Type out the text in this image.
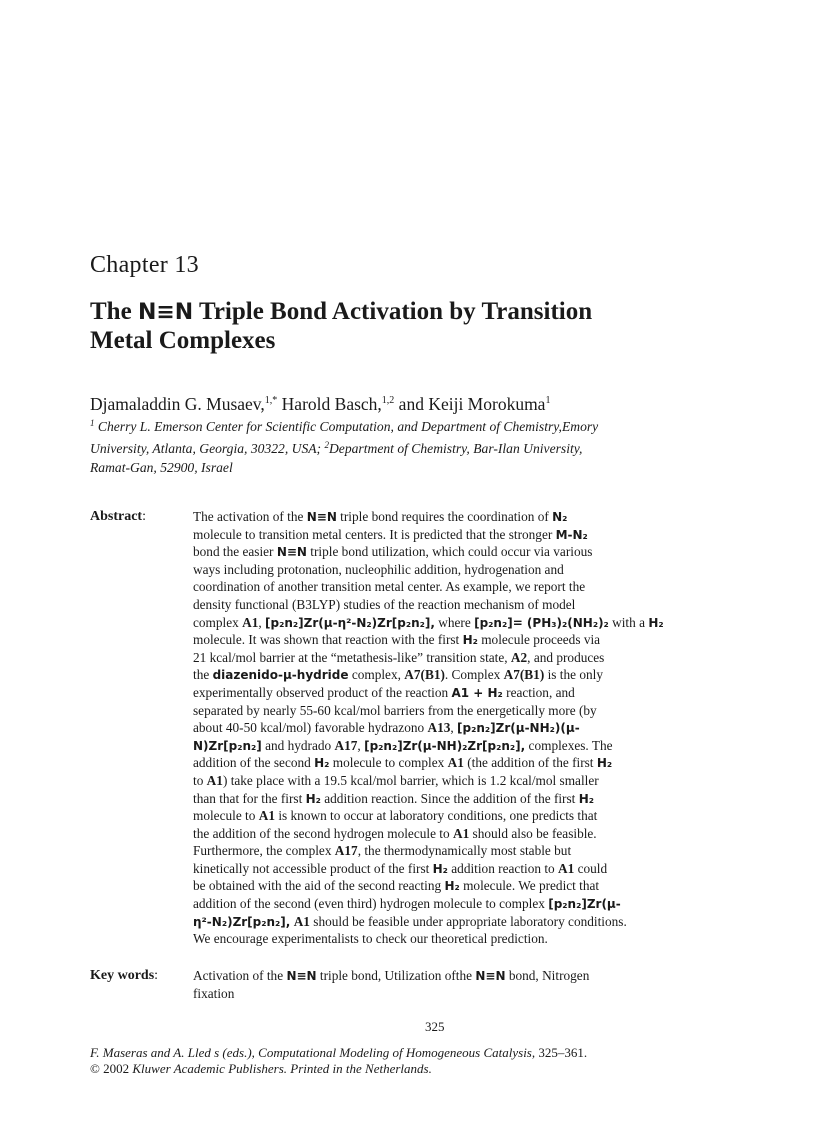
Chapter 13
The N≡N Triple Bond Activation by Transition
Metal Complexes
Djamaladdin G. Musaev,$^{1,*}$ Harold Basch,$^{1,2}$ and Keiji Morokuma$^1$
$^1$ Cherry L. Emerson Center for Scientific Computation, and Department of Chemistry,Emory
University, Atlanta, Georgia, 30322, USA; $^2$Department of Chemistry, Bar-Ilan University,
Ramat-Gan, 52900, Israel
Abstract:	The activation of the N≡N triple bond requires the coordination of N₂
molecule to transition metal centers. It is predicted that the stronger M-N₂
bond the easier N≡N triple bond utilization, which could occur via various
ways including protonation, nucleophilic addition, hydrogenation and
coordination of another transition metal center. As example, we report the
density functional (B3LYP) studies of the reaction mechanism of model
complex A1, [p₂n₂]Zr(μ-η²-N₂)Zr[p₂n₂], where [p₂n₂]= (PH₃)₂(NH₂)₂ with a H₂
molecule. It was shown that reaction with the first H₂ molecule proceeds via
21 kcal/mol barrier at the “metathesis-like” transition state, A2, and produces
the diazenido-μ-hydride complex, A7(B1). Complex A7(B1) is the only
experimentally observed product of the reaction A1 + H₂ reaction, and
separated by nearly 55-60 kcal/mol barriers from the energetically more (by
about 40-50 kcal/mol) favorable hydrazono A13, [p₂n₂]Zr(μ-NH₂)(μ-
N)Zr[p₂n₂] and hydrado A17, [p₂n₂]Zr(μ-NH)₂Zr[p₂n₂], complexes. The
addition of the second H₂ molecule to complex A1 (the addition of the first H₂
to A1) take place with a 19.5 kcal/mol barrier, which is 1.2 kcal/mol smaller
than that for the first H₂ addition reaction. Since the addition of the first H₂
molecule to A1 is known to occur at laboratory conditions, one predicts that
the addition of the second hydrogen molecule to A1 should also be feasible.
Furthermore, the complex A17, the thermodynamically most stable but
kinetically not accessible product of the first H₂ addition reaction to A1 could
be obtained with the aid of the second reacting H₂ molecule. We predict that
addition of the second (even third) hydrogen molecule to complex [p₂n₂]Zr(μ-
η²-N₂)Zr[p₂n₂], A1 should be feasible under appropriate laboratory conditions.
We encourage experimentalists to check our theoretical prediction.
Key words:	Activation of the N≡N triple bond, Utilization ofthe N≡N bond, Nitrogen
fixation
325
F. Maseras and A. Lled s (eds.), Computational Modeling of Homogeneous Catalysis, 325–361.
© 2002 Kluwer Academic Publishers. Printed in the Netherlands.
